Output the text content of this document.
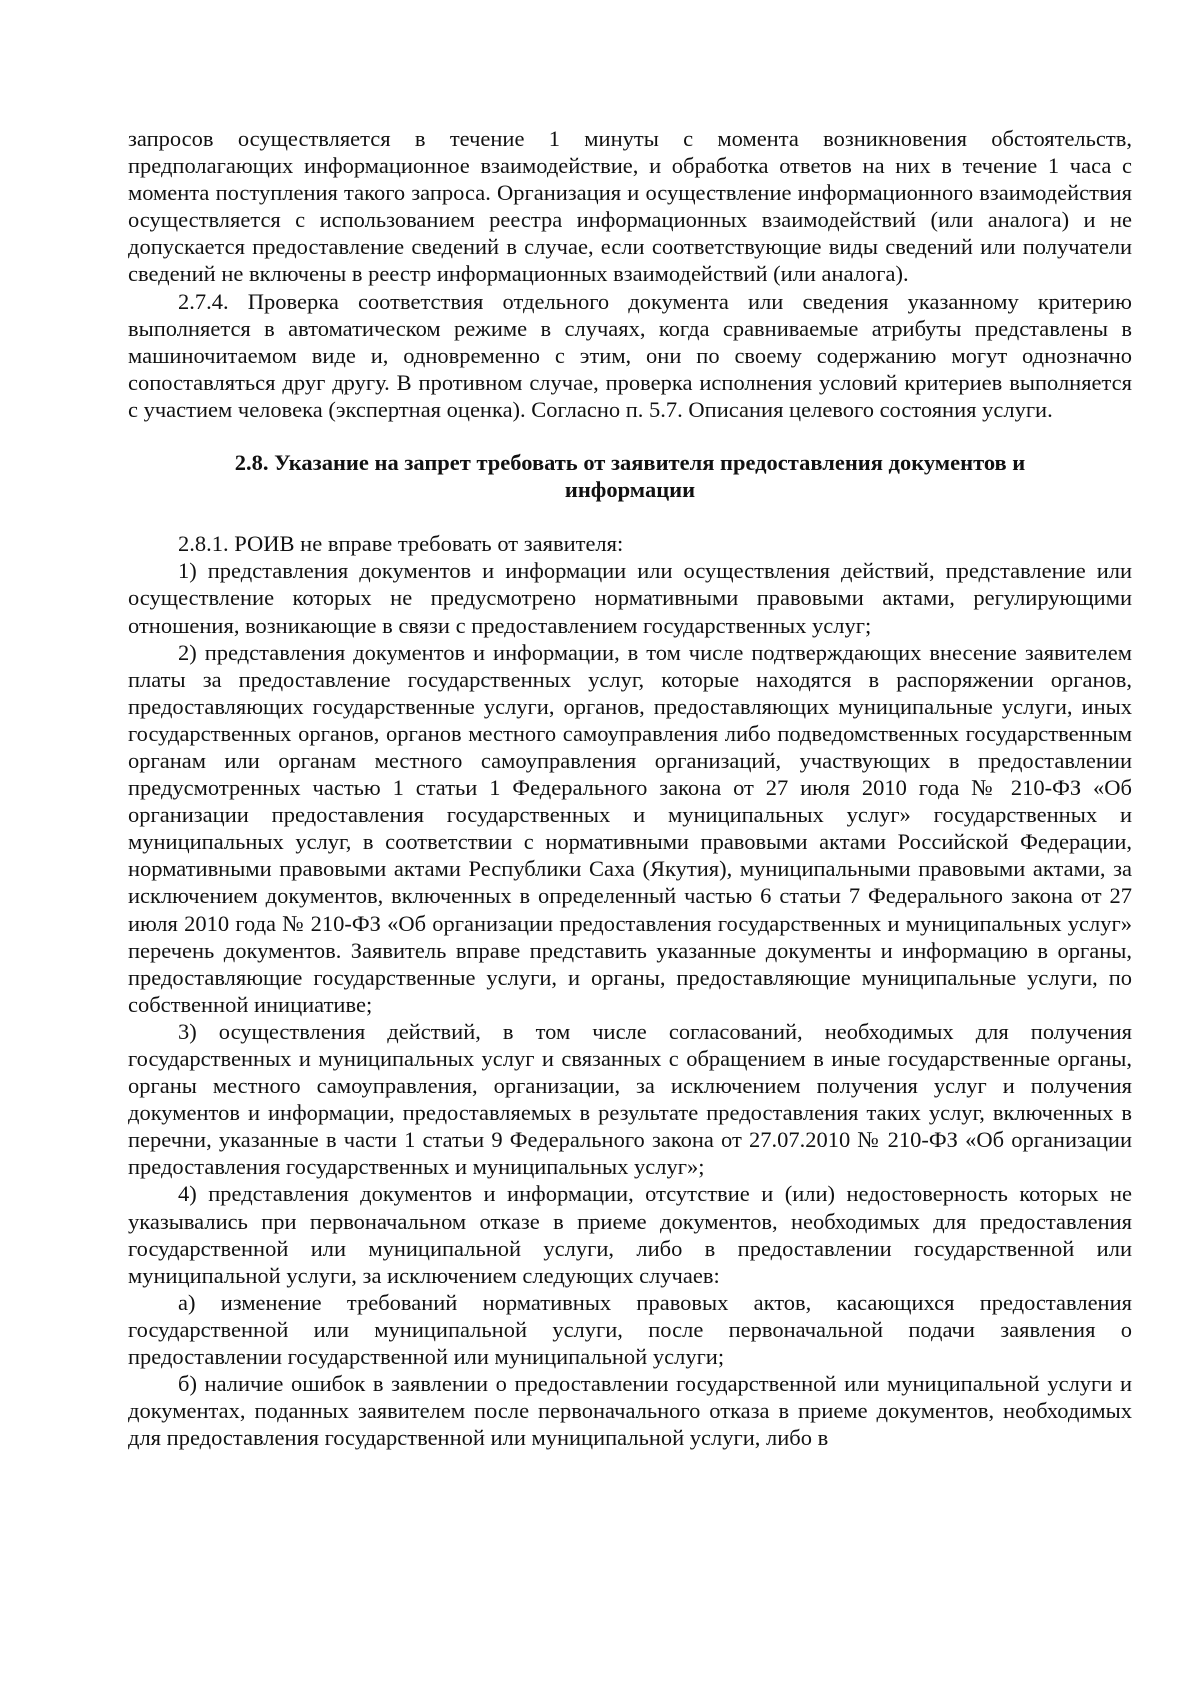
запросов осуществляется в течение 1 минуты с момента возникновения обстоятельств, предполагающих информационное взаимодействие, и обработка ответов на них в течение 1 часа с момента поступления такого запроса. Организация и осуществление информационного взаимодействия осуществляется с использованием реестра информационных взаимодействий (или аналога) и не допускается предоставление сведений в случае, если соответствующие виды сведений или получатели сведений не включены в реестр информационных взаимодействий (или аналога).

2.7.4. Проверка соответствия отдельного документа или сведения указанному критерию выполняется в автоматическом режиме в случаях, когда сравниваемые атрибуты представлены в машиночитаемом виде и, одновременно с этим, они по своему содержанию могут однозначно сопоставляться друг другу. В противном случае, проверка исполнения условий критериев выполняется с участием человека (экспертная оценка). Согласно п. 5.7. Описания целевого состояния услуги.

2.8. Указание на запрет требовать от заявителя предоставления документов и информации

2.8.1. РОИВ не вправе требовать от заявителя:

1) представления документов и информации или осуществления действий, представление или осуществление которых не предусмотрено нормативными правовыми актами, регулирующими отношения, возникающие в связи с предоставлением государственных услуг;

2) представления документов и информации, в том числе подтверждающих внесение заявителем платы за предоставление государственных услуг, которые находятся в распоряжении органов, предоставляющих государственные услуги, органов, предоставляющих муниципальные услуги, иных государственных органов, органов местного самоуправления либо подведомственных государственным органам или органам местного самоуправления организаций, участвующих в предоставлении предусмотренных частью 1 статьи 1 Федерального закона от 27 июля 2010 года № 210-ФЗ «Об организации предоставления государственных и муниципальных услуг» государственных и муниципальных услуг, в соответствии с нормативными правовыми актами Российской Федерации, нормативными правовыми актами Республики Саха (Якутия), муниципальными правовыми актами, за исключением документов, включенных в определенный частью 6 статьи 7 Федерального закона от 27 июля 2010 года № 210-ФЗ «Об организации предоставления государственных и муниципальных услуг» перечень документов. Заявитель вправе представить указанные документы и информацию в органы, предоставляющие государственные услуги, и органы, предоставляющие муниципальные услуги, по собственной инициативе;

3) осуществления действий, в том числе согласований, необходимых для получения государственных и муниципальных услуг и связанных с обращением в иные государственные органы, органы местного самоуправления, организации, за исключением получения услуг и получения документов и информации, предоставляемых в результате предоставления таких услуг, включенных в перечни, указанные в части 1 статьи 9 Федерального закона от 27.07.2010 № 210-ФЗ «Об организации предоставления государственных и муниципальных услуг»;

4) представления документов и информации, отсутствие и (или) недостоверность которых не указывались при первоначальном отказе в приеме документов, необходимых для предоставления государственной или муниципальной услуги, либо в предоставлении государственной или муниципальной услуги, за исключением следующих случаев:

а) изменение требований нормативных правовых актов, касающихся предоставления государственной или муниципальной услуги, после первоначальной подачи заявления о предоставлении государственной или муниципальной услуги;

б) наличие ошибок в заявлении о предоставлении государственной или муниципальной услуги и документах, поданных заявителем после первоначального отказа в приеме документов, необходимых для предоставления государственной или муниципальной услуги, либо в
